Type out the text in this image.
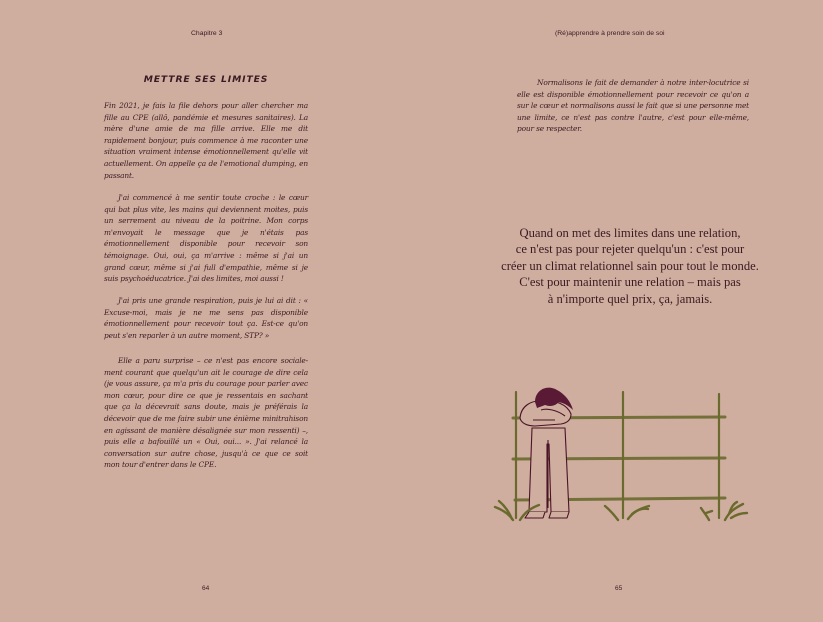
Chapitre 3
METTRE SES LIMITES

Fin 2021, je fais la file dehors pour aller chercher ma fille au CPE (allô, pandémie et mesures sanitaires). La mère d'une amie de ma fille arrive. Elle me dit rapidement bonjour, puis commence à me raconter une situation vraiment intense émotionnellement qu'elle vit actuellement. On appelle ça de l'emotional dumping, en passant.

J'ai commencé à me sentir toute croche : le cœur qui bat plus vite, les mains qui deviennent moites, puis un serrement au niveau de la poitrine. Mon corps m'envoyait le message que je n'étais pas émotionnellement disponible pour recevoir son témoignage. Oui, oui, ça m'arrive : même si j'ai un grand cœur, même si j'ai full d'empathie, même si je suis psychoéducatrice. J'ai des limites, moi aussi !

J'ai pris une grande respiration, puis je lui ai dit : « Excuse-moi, mais je ne me sens pas disponible émotionnellement pour recevoir tout ça. Est-ce qu'on peut s'en reparler à un autre moment, STP? »

Elle a paru surprise – ce n'est pas encore sociale-ment courant que quelqu'un ait le courage de dire cela (je vous assure, ça m'a pris du courage pour parler avec mon cœur, pour dire ce que je ressentais en sachant que ça la décevrait sans doute, mais je préférais la décevoir que de me faire subir une énième minitrahison en agissant de manière désalignée sur mon ressenti) –, puis elle a bafouillé un « Oui, oui... ». J'ai relancé la conversation sur autre chose, jusqu'à ce que ce soit mon tour d'entrer dans le CPE.

64
(Ré)apprendre à prendre soin de soi
65

Normalisons le fait de demander à notre inter-locutrice si elle est disponible émotionnellement pour recevoir ce qu'on a sur le cœur et normalisons aussi le fait que si une personne met une limite, ce n'est pas contre l'autre, c'est pour elle-même, pour se respecter.

Quand on met des limites dans une relation,
ce n'est pas pour rejeter quelqu'un : c'est pour
créer un climat relationnel sain pour tout le monde.
C'est pour maintenir une relation – mais pas
à n'importe quel prix, ça, jamais.
